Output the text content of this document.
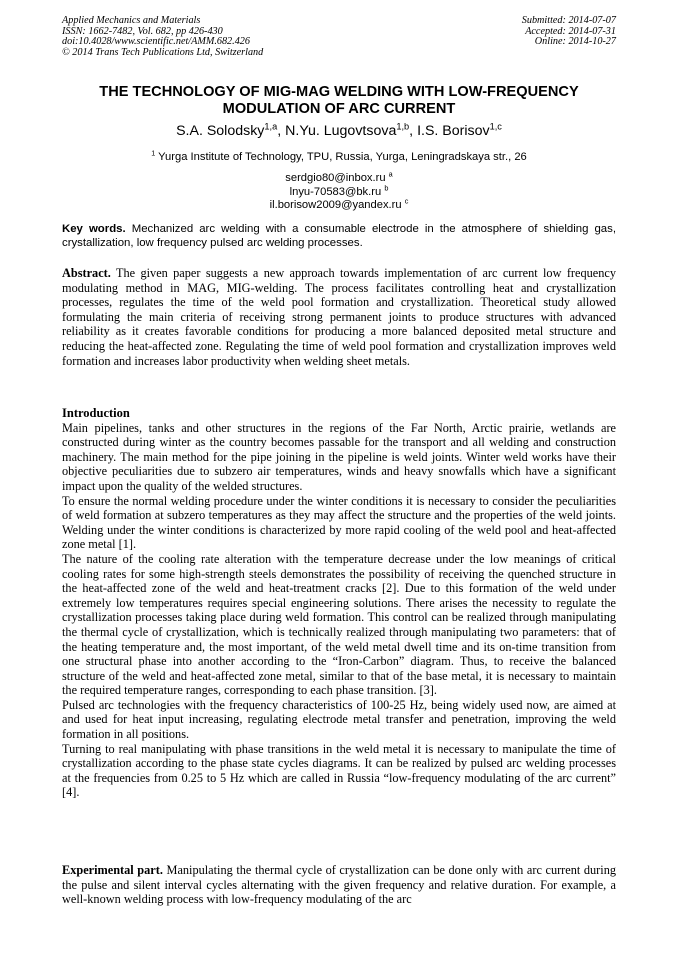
Applied Mechanics and Materials
ISSN: 1662-7482, Vol. 682, pp 426-430
doi:10.4028/www.scientific.net/AMM.682.426
© 2014 Trans Tech Publications Ltd, Switzerland
Submitted: 2014-07-07
Accepted: 2014-07-31
Online: 2014-10-27
THE TECHNOLOGY OF MIG-MAG WELDING WITH LOW-FREQUENCY MODULATION OF ARC CURRENT
S.A. Solodsky$^{1,a}$, N.Yu. Lugovtsova$^{1,b}$, I.S. Borisov$^{1,c}$
$^1$ Yurga Institute of Technology, TPU, Russia, Yurga, Leningradskaya str., 26
serdgio80@inbox.ru $^a$
lnyu-70583@bk.ru $^b$
il.borisow2009@yandex.ru $^c$

Key words. Mechanized arc welding with a consumable electrode in the atmosphere of shielding gas, crystallization, low frequency pulsed arc welding processes.

Abstract. The given paper suggests a new approach towards implementation of arc current low frequency modulating method in MAG, MIG-welding. The process facilitates controlling heat and crystallization processes, regulates the time of the weld pool formation and crystallization. Theoretical study allowed formulating the main criteria of receiving strong permanent joints to produce structures with advanced reliability as it creates favorable conditions for producing a more balanced deposited metal structure and reducing the heat-affected zone. Regulating the time of weld pool formation and crystallization improves weld formation and increases labor productivity when welding sheet metals.

Introduction

Main pipelines, tanks and other structures in the regions of the Far North, Arctic prairie, wetlands are constructed during winter as the country becomes passable for the transport and all welding and construction machinery. The main method for the pipe joining in the pipeline is weld joints. Winter weld works have their objective peculiarities due to subzero air temperatures, winds and heavy snowfalls which have a significant impact upon the quality of the welded structures.

To ensure the normal welding procedure under the winter conditions it is necessary to consider the peculiarities of weld formation at subzero temperatures as they may affect the structure and the properties of the weld joints. Welding under the winter conditions is characterized by more rapid cooling of the weld pool and heat-affected zone metal [1].

The nature of the cooling rate alteration with the temperature decrease under the low meanings of critical cooling rates for some high-strength steels demonstrates the possibility of receiving the quenched structure in the heat-affected zone of the weld and heat-treatment cracks [2]. Due to this formation of the weld under extremely low temperatures requires special engineering solutions. There arises the necessity to regulate the crystallization processes taking place during weld formation. This control can be realized through manipulating the thermal cycle of crystallization, which is technically realized through manipulating two parameters: that of the heating temperature and, the most important, of the weld metal dwell time and its on-time transition from one structural phase into another according to the “Iron-Carbon” diagram. Thus, to receive the balanced structure of the weld and heat-affected zone metal, similar to that of the base metal, it is necessary to maintain the required temperature ranges, corresponding to each phase transition. [3].

Pulsed arc technologies with the frequency characteristics of 100-25 Hz, being widely used now, are aimed at and used for heat input increasing, regulating electrode metal transfer and penetration, improving the weld formation in all positions.

Turning to real manipulating with phase transitions in the weld metal it is necessary to manipulate the time of crystallization according to the phase state cycles diagrams. It can be realized by pulsed arc welding processes at the frequencies from 0.25 to 5 Hz which are called in Russia “low-frequency modulating of the arc current” [4].

Experimental part. Manipulating the thermal cycle of crystallization can be done only with arc current during the pulse and silent interval cycles alternating with the given frequency and relative duration. For example, a well-known welding process with low-frequency modulating of the arc
